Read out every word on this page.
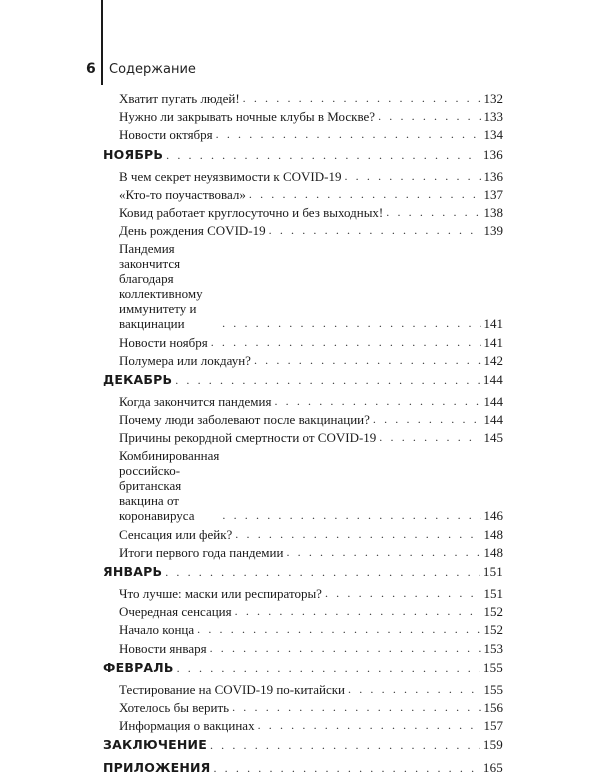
6 Содержание
Хватит пугать людей! . . .	132
Нужно ли закрывать ночные клубы в Москве? . . .	133
Новости октября . . .	134
НОЯБРЬ . . .	136
В чем секрет неуязвимости к COVID-19 . . .	136
«Кто-то поучаствовал» . . .	137
Ковид работает круглосуточно и без выходных! . . .	138
День рождения COVID-19 . . .	139
Пандемия закончится благодаря коллективному иммунитету и вакцинации . . .	141
Новости ноября . . .	141
Полумера или локдаун? . . .	142
ДЕКАБРЬ . . .	144
Когда закончится пандемия . . .	144
Почему люди заболевают после вакцинации? . . .	144
Причины рекордной смертности от COVID-19 . . .	145
Комбинированная российско-британская вакцина от коронавируса . . .	146
Сенсация или фейк? . . .	148
Итоги первого года пандемии . . .	148
ЯНВАРЬ . . .	151
Что лучше: маски или респираторы? . . .	151
Очередная сенсация . . .	152
Начало конца . . .	152
Новости января . . .	153
ФЕВРАЛЬ . . .	155
Тестирование на COVID-19 по-китайски . . .	155
Хотелось бы верить . . .	156
Информация о вакцинах . . .	157
ЗАКЛЮЧЕНИЕ . . .	159
ПРИЛОЖЕНИЯ . . .	165
